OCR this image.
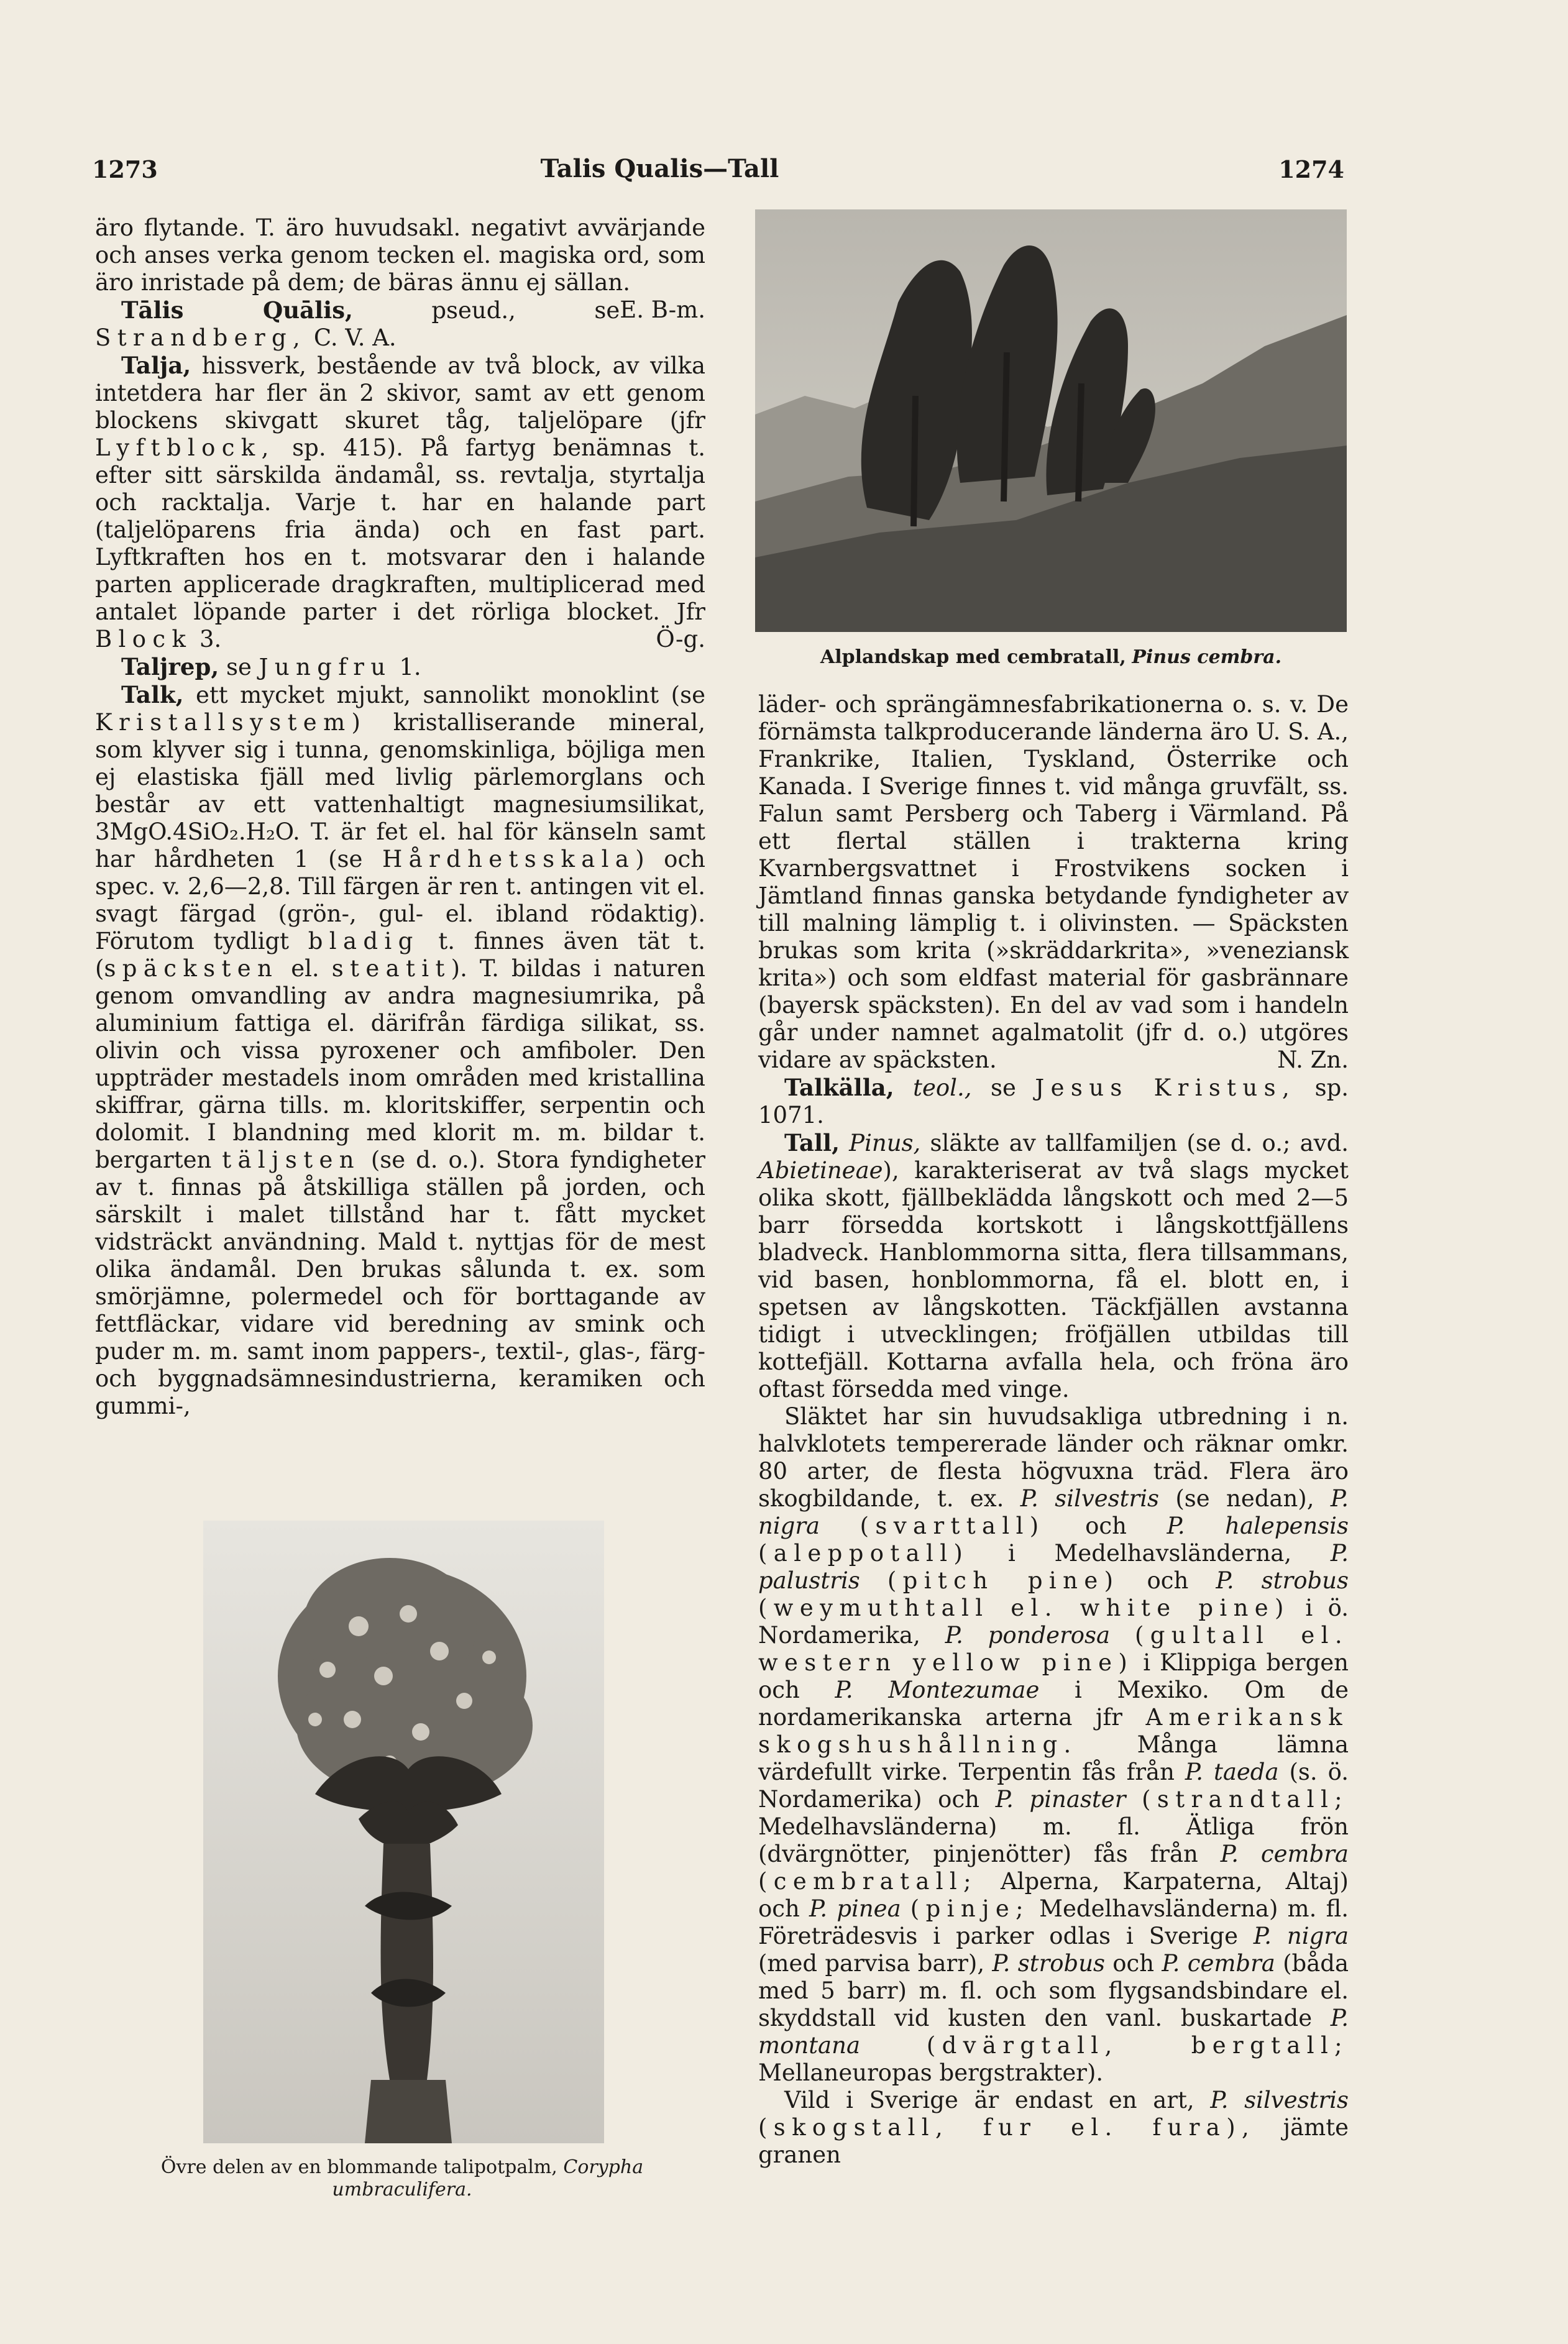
1273	Talis Qualis—Tall	1274

äro flytande. T. äro huvudsakl. negativt avvärjande och anses verka genom tecken el. magiska ord, som äro inristade på dem; de bäras ännu ej sällan.
E. B-m.

Tālis Quālis,	pseud., se Strandberg, C. V. A.

Talja, hissverk, bestående av två block, av vilka intetdera har fler än 2 skivor, samt av ett genom blockens skivgatt skuret tåg, taljelöpare (jfr Lyftblock, sp. 415). På fartyg benämnas t. efter sitt särskilda ändamål, ss. revtalja, styrtalja och racktalja. Varje t. har en halande part (taljelöparens fria ända) och en fast part. Lyftkraften hos en t. motsvarar den i halande parten applicerade dragkraften, multiplicerad med antalet löpande parter i det rörliga blocket. Jfr Block 3.	Ö-g.

Taljrep, se Jungfru 1.

Talk, ett mycket mjukt, sannolikt monoklint (se Kristallsystem) kristalliserande mineral, som klyver sig i tunna, genomskinliga, böjliga men ej elastiska fjäll med livlig pärlemorglans och består av ett vattenhaltigt magnesiumsilikat, 3MgO.4SiO₂.H₂O. T. är fet el. hal för känseln samt har hårdheten 1 (se Hårdhetsskala) och spec. v. 2,6—2,8. Till färgen är ren t. antingen vit el. svagt färgad (grön-, gul- el. ibland rödaktig). Förutom tydligt bladig t. finnes även tät t. (späcksten el. steatit). T. bildas i naturen genom omvandling av andra magnesiumrika, på aluminium fattiga el. därifrån färdiga silikat, ss. olivin och vissa pyroxener och amfiboler. Den uppträder mestadels inom områden med kristallina skiffrar, gärna tills. m. kloritskiffer, serpentin och dolomit. I blandning med klorit m. m. bildar t. bergarten täljsten (se d. o.). Stora fyndigheter av t. finnas på åtskilliga ställen på jorden, och särskilt i malet tillstånd har t. fått mycket vidsträckt användning. Mald t. nyttjas för de mest olika ändamål. Den brukas sålunda t. ex. som smörjämne, polermedel och för borttagande av fettfläckar, vidare vid beredning av smink och puder m. m. samt inom pappers-, textil-, glas-, färg- och byggnadsämnesindustrierna, keramiken och gummi-,

Alplandskap med cembratall, Pinus cembra.

läder- och sprängämnesfabrikationerna o. s. v. De förnämsta talkproducerande länderna äro U. S. A., Frankrike, Italien, Tyskland, Österrike och Kanada. I Sverige finnes t. vid många gruvfält, ss. Falun samt Persberg och Taberg i Värmland. På ett flertal ställen i trakterna kring Kvarnbergsvattnet i Frostvikens socken i Jämtland finnas ganska betydande fyndigheter av till malning lämplig t. i olivinsten. — Späcksten brukas som krita (»skräddarkrita», »veneziansk krita») och som eldfast material för gasbrännare (bayersk späcksten). En del av vad som i handeln går under namnet agalmatolit (jfr d. o.) utgöres vidare av späcksten.	N. Zn.

Talkälla, teol., se Jesus Kristus, sp. 1071.

Tall, Pinus, släkte av tallfamiljen (se d. o.; avd. Abietineae), karakteriserat av två slags mycket olika skott, fjällbeklädda långskott och med 2—5 barr försedda kortskott i långskottfjällens bladveck. Hanblommorna sitta, flera tillsammans, vid basen, honblommorna, få el. blott en, i spetsen av långskotten. Täckfjällen avstanna tidigt i utvecklingen; fröfjällen utbildas till kottefjäll. Kottarna avfalla hela, och fröna äro oftast försedda med vinge.

Släktet har sin huvudsakliga utbredning i n. halvklotets tempererade länder och räknar omkr. 80 arter, de flesta högvuxna träd. Flera äro skogbildande, t. ex. P. silvestris (se nedan), P. nigra (svarttall) och P. halepensis (aleppotall) i Medelhavsländerna, P. palustris (pitch pine) och P. strobus (weymuthtall el. white pine) i ö. Nordamerika, P. ponderosa (gultall el. western yellow pine) i Klippiga bergen och P. Montezumae i Mexiko. Om de nordamerikanska arterna jfr Amerikansk skogshushållning.	Många lämna värdefullt virke. Terpentin fås från P. taeda (s. ö. Nordamerika) och P. pinaster (strandtall; Medelhavsländerna) m. fl. Ätliga frön (dvärgnötter, pinjenötter) fås från P. cembra (cembratall; Alperna, Karpaterna, Altaj) och P. pinea (pinje; Medelhavsländerna) m. fl. Företrädesvis i parker odlas i Sverige P. nigra (med parvisa barr), P. strobus och P. cembra (båda med 5 barr) m. fl. och som flygsandsbindare el. skyddstall vid kusten den vanl. buskartade P. montana	(dvärgtall, bergtall; Mellaneuropas bergstrakter).

Vild i Sverige är endast en art, P. silvestris (skogstall, fur el. fura), jämte granen

Övre delen av en blommande talipotpalm, Corypha umbraculifera.
